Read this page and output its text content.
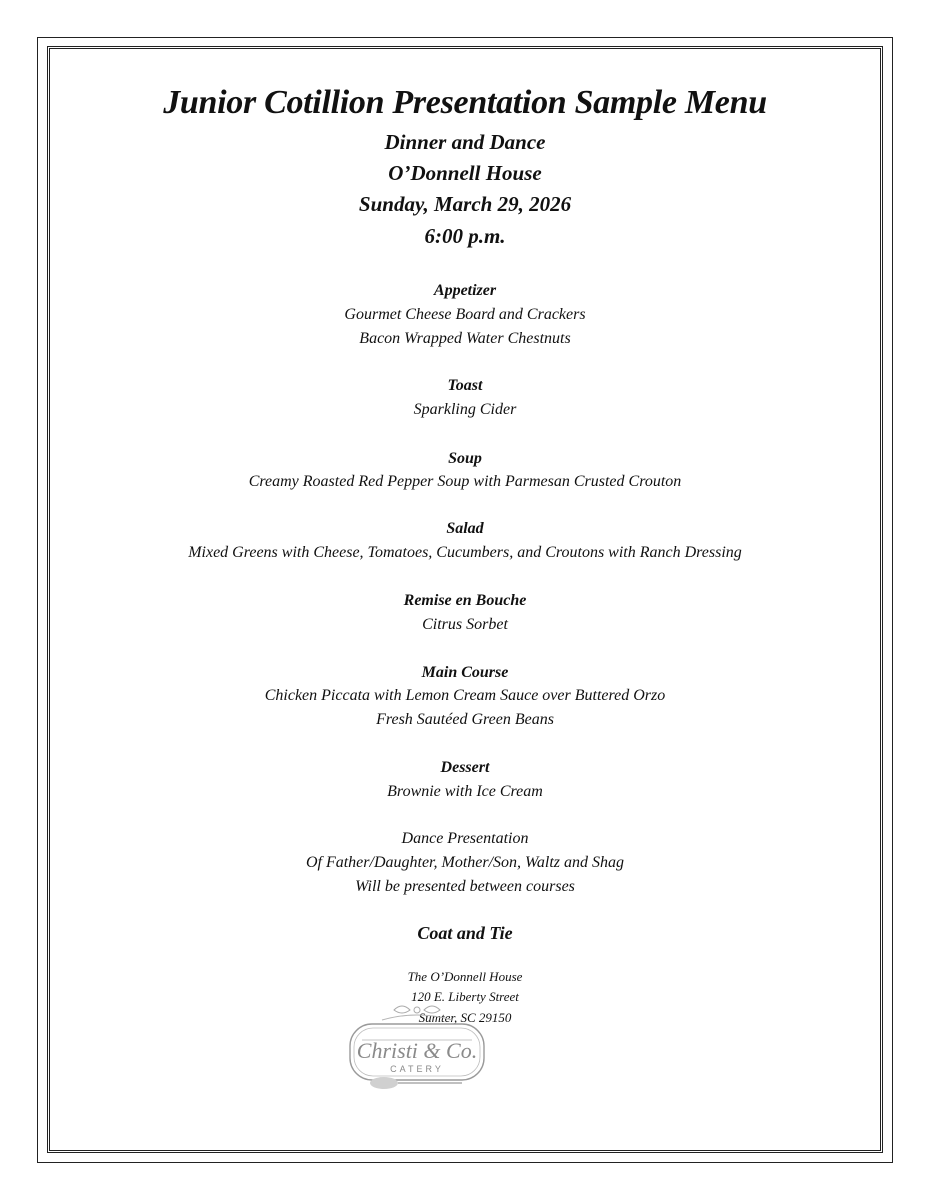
Junior Cotillion Presentation Sample Menu
Dinner and Dance
O’Donnell House
Sunday, March 29, 2026
6:00 p.m.
Appetizer
Gourmet Cheese Board and Crackers
Bacon Wrapped Water Chestnuts
Toast
Sparkling Cider
Soup
Creamy Roasted Red Pepper Soup with Parmesan Crusted Crouton
Salad
Mixed Greens with Cheese, Tomatoes, Cucumbers, and Croutons with Ranch Dressing
Remise en Bouche
Citrus Sorbet
Main Course
Chicken Piccata with Lemon Cream Sauce over Buttered Orzo
Fresh Sautéed Green Beans
Dessert
Brownie with Ice Cream
Dance Presentation
Of Father/Daughter, Mother/Son, Waltz and Shag
Will be presented between courses
Coat and Tie
The O’Donnell House
120 E. Liberty Street
Sumter, SC 29150
Christi & Co.
CATERY
